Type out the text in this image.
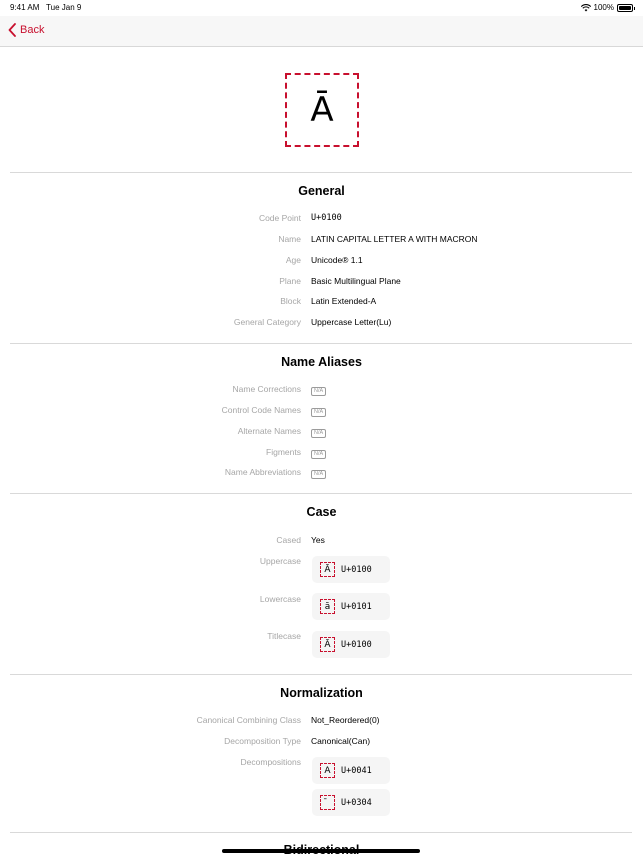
9:41 AM Tue Jan 9	100%
Back
Ā
General
Code Point U+0100
Name LATIN CAPITAL LETTER A WITH MACRON
Age Unicode® 1.1
Plane Basic Multilingual Plane
Block Latin Extended-A
General Category Uppercase Letter(Lu)
Name Aliases
Name Corrections	N/A
Control Code Names	N/A
Alternate Names	N/A
Figments	N/A
Name Abbreviations	N/A
Case
Cased Yes
Uppercase
Ā	U+0100
Lowercase
ā	U+0101
Titlecase
Ā	U+0100
Normalization
Canonical Combining Class Not_Reordered(0)
Decomposition Type Canonical(Can)
Decompositions
A	U+0041
U+0304
